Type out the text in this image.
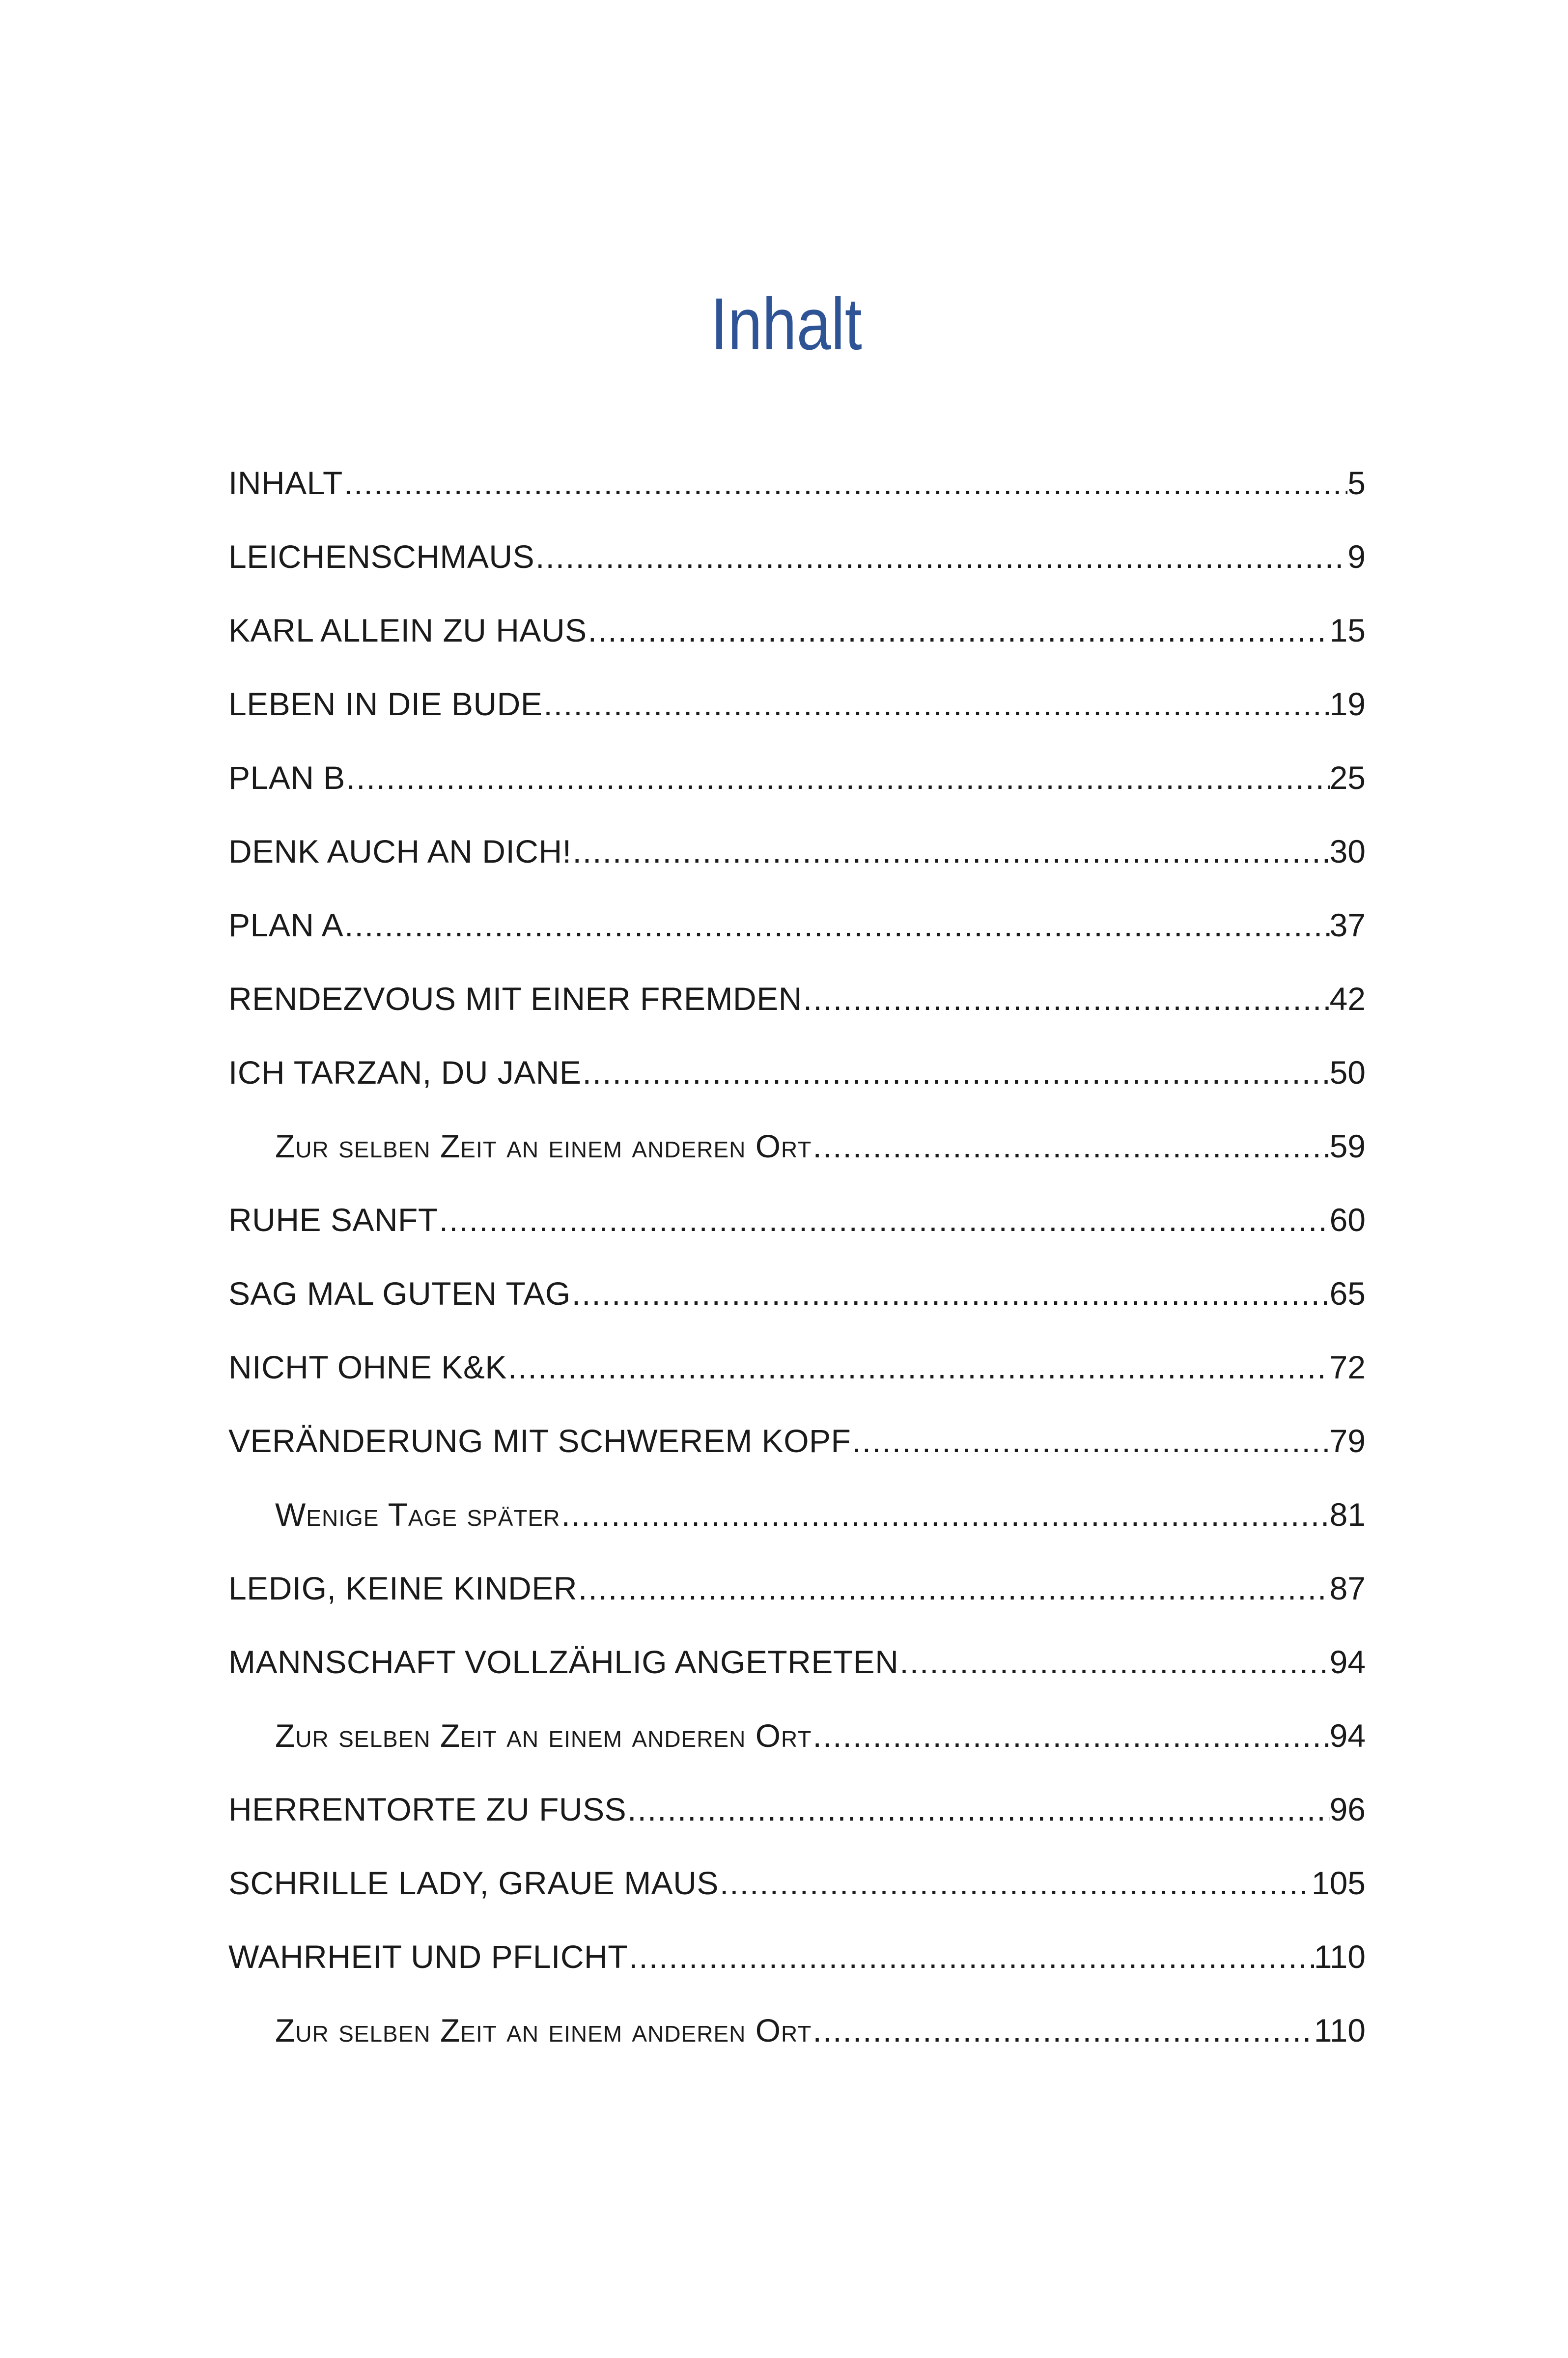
Inhalt
INHALT .....	5
LEICHENSCHMAUS .....	9
KARL ALLEIN ZU HAUS .....	15
LEBEN IN DIE BUDE .....	19
PLAN B .....	25
DENK AUCH AN DICH! .....	30
PLAN A .....	37
RENDEZVOUS MIT EINER FREMDEN .....	42
ICH TARZAN, DU JANE .....	50
Zur selben Zeit an einem anderen Ort .....	59
RUHE SANFT .....	60
SAG MAL GUTEN TAG .....	65
NICHT OHNE K&K .....	72
VERÄNDERUNG MIT SCHWEREM KOPF .....	79
Wenige Tage später .....	81
LEDIG, KEINE KINDER .....	87
MANNSCHAFT VOLLZÄHLIG ANGETRETEN .....	94
Zur selben Zeit an einem anderen Ort .....	94
HERRENTORTE ZU FUSS .....	96
SCHRILLE LADY, GRAUE MAUS .....	105
WAHRHEIT UND PFLICHT .....	110
Zur selben Zeit an einem anderen Ort .....	110
